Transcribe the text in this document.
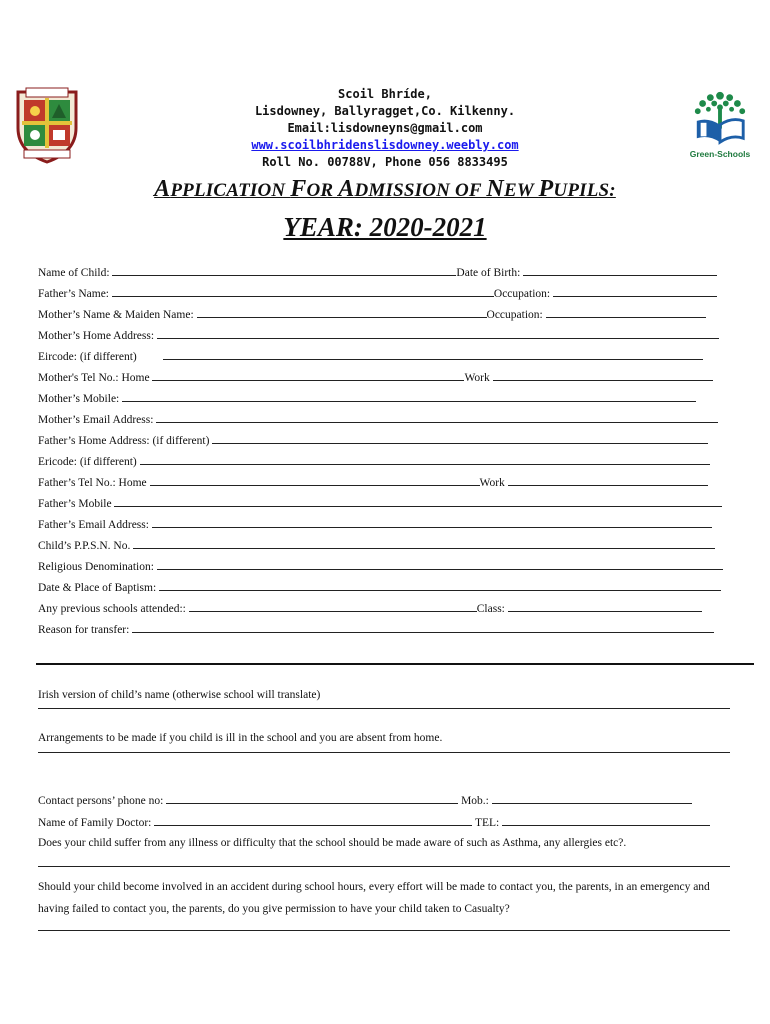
Green-Schools
Scoil Bhríde,
Lisdowney, Ballyragget,Co. Kilkenny.
Email:lisdowneyns@gmail.com
www.scoilbhridenslisdowney.weebly.com
Roll No. 00788V, Phone 056 8833495
APPLICATION FOR ADMISSION OF NEW PUPILS:
YEAR: 2020-2021
Name of Child:	Date of Birth:
Father’s Name:	Occupation:
Mother’s Name & Maiden Name:	Occupation:
Mother’s Home Address:
Eircode: (if different)
Mother's Tel No.: Home	Work
Mother’s Mobile:
Mother’s Email Address:
Father’s Home Address: (if different)
Ericode: (if different)
Father’s Tel No.: Home	Work
Father’s Mobile
Father’s Email Address:
Child’s P.P.S.N. No.
Religious Denomination:
Date & Place of Baptism:
Any previous schools attended::	Class:
Reason for transfer:
Irish version of child’s name (otherwise school will translate)
Arrangements to be made if you child is ill in the school and you are absent from home.
Contact persons’ phone no:	Mob.:
Name of Family Doctor:	TEL:
Does your child suffer from any illness or difficulty that the school should be made aware of such as Asthma, any allergies etc?.
Should your child become involved in an accident during school hours, every effort will be made to contact you, the parents, in an emergency and having failed to contact you, the parents, do you give permission to have your child taken to Casualty?
